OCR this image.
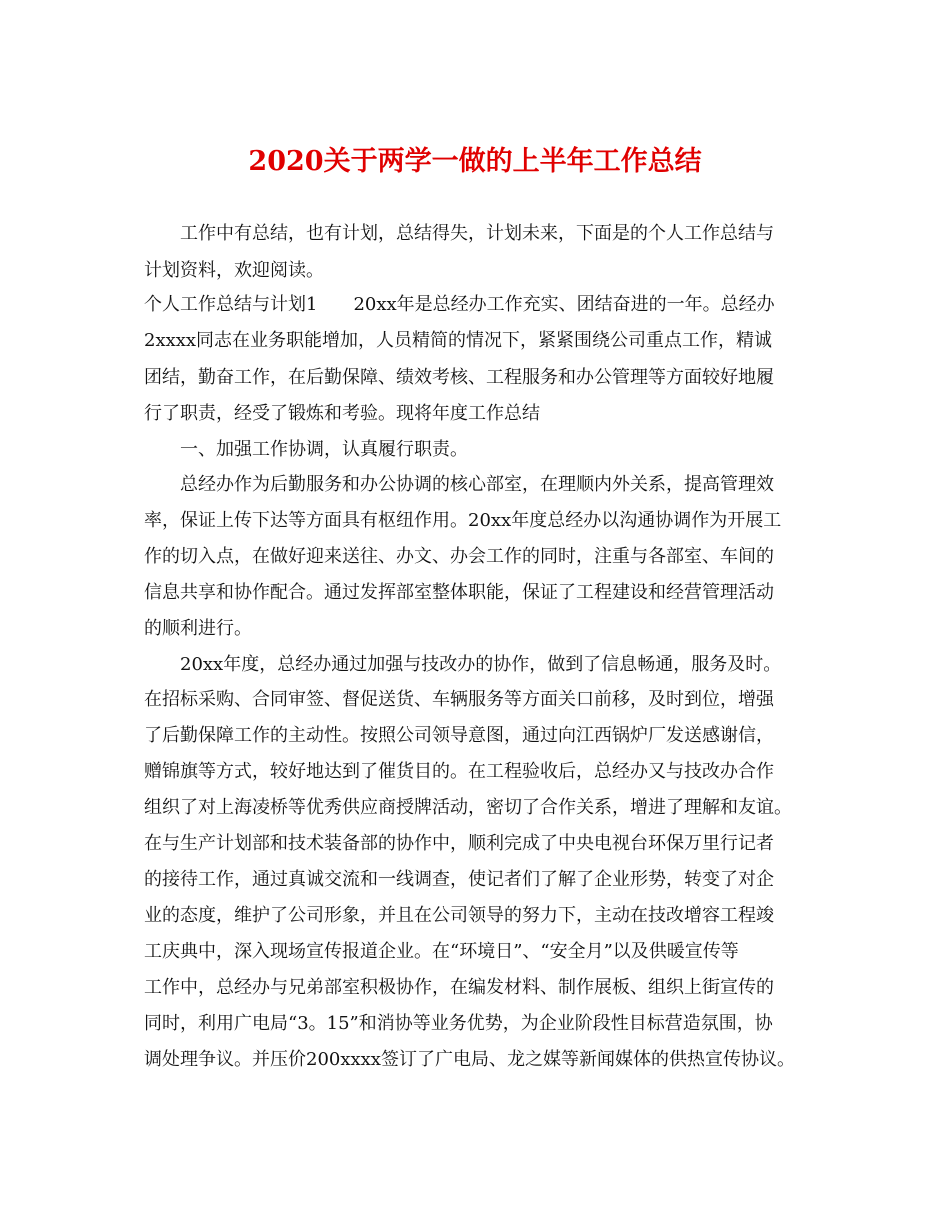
2020关于两学一做的上半年工作总结
工作中有总结，也有计划，总结得失，计划未来，下面是的个人工作总结与
计划资料，欢迎阅读。
个人工作总结与计划1　　20xx年是总经办工作充实、团结奋进的一年。总经办
2xxxx同志在业务职能增加，人员精简的情况下，紧紧围绕公司重点工作，精诚
团结，勤奋工作，在后勤保障、绩效考核、工程服务和办公管理等方面较好地履
行了职责，经受了锻炼和考验。现将年度工作总结
一、加强工作协调，认真履行职责。
总经办作为后勤服务和办公协调的核心部室，在理顺内外关系，提高管理效
率，保证上传下达等方面具有枢纽作用。20xx年度总经办以沟通协调作为开展工
作的切入点，在做好迎来送往、办文、办会工作的同时，注重与各部室、车间的
信息共享和协作配合。通过发挥部室整体职能，保证了工程建设和经营管理活动
的顺利进行。
20xx年度，总经办通过加强与技改办的协作，做到了信息畅通，服务及时。
在招标采购、合同审签、督促送货、车辆服务等方面关口前移，及时到位，增强
了后勤保障工作的主动性。按照公司领导意图，通过向江西锅炉厂发送感谢信，
赠锦旗等方式，较好地达到了催货目的。在工程验收后，总经办又与技改办合作
组织了对上海凌桥等优秀供应商授牌活动，密切了合作关系，增进了理解和友谊。
在与生产计划部和技术装备部的协作中，顺利完成了中央电视台环保万里行记者
的接待工作，通过真诚交流和一线调查，使记者们了解了企业形势，转变了对企
业的态度，维护了公司形象，并且在公司领导的努力下，主动在技改增容工程竣
工庆典中，深入现场宣传报道企业。在“环境日”、“安全月”以及供暖宣传等
工作中，总经办与兄弟部室积极协作，在编发材料、制作展板、组织上街宣传的
同时，利用广电局“3。15”和消协等业务优势，为企业阶段性目标营造氛围，协
调处理争议。并压价200xxxx签订了广电局、龙之媒等新闻媒体的供热宣传协议。
